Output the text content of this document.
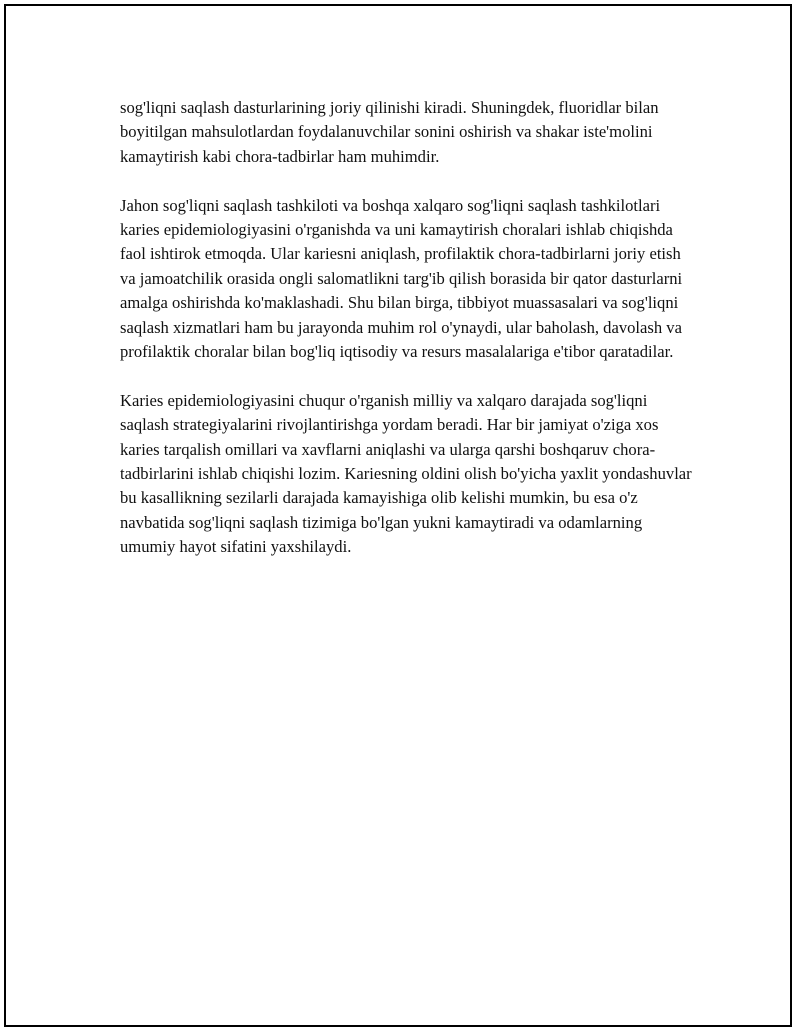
sog'liqni saqlash dasturlarining joriy qilinishi kiradi. Shuningdek, fluoridlar bilan boyitilgan mahsulotlardan foydalanuvchilar sonini oshirish va shakar iste'molini kamaytirish kabi chora-tadbirlar ham muhimdir.

Jahon sog'liqni saqlash tashkiloti va boshqa xalqaro sog'liqni saqlash tashkilotlari karies epidemiologiyasini o'rganishda va uni kamaytirish choralari ishlab chiqishda faol ishtirok etmoqda. Ular kariesni aniqlash, profilaktik chora-tadbirlarni joriy etish va jamoatchilik orasida ongli salomatlikni targ'ib qilish borasida bir qator dasturlarni amalga oshirishda ko'maklashadi. Shu bilan birga, tibbiyot muassasalari va sog'liqni saqlash xizmatlari ham bu jarayonda muhim rol o'ynaydi, ular baholash, davolash va profilaktik choralar bilan bog'liq iqtisodiy va resurs masalalariga e'tibor qaratadilar.

Karies epidemiologiyasini chuqur o'rganish milliy va xalqaro darajada sog'liqni saqlash strategiyalarini rivojlantirishga yordam beradi. Har bir jamiyat o'ziga xos karies tarqalish omillari va xavflarni aniqlashi va ularga qarshi boshqaruv chora-tadbirlarini ishlab chiqishi lozim. Kariesning oldini olish bo'yicha yaxlit yondashuvlar bu kasallikning sezilarli darajada kamayishiga olib kelishi mumkin, bu esa o'z navbatida sog'liqni saqlash tizimiga bo'lgan yukni kamaytiradi va odamlarning umumiy hayot sifatini yaxshilaydi.
